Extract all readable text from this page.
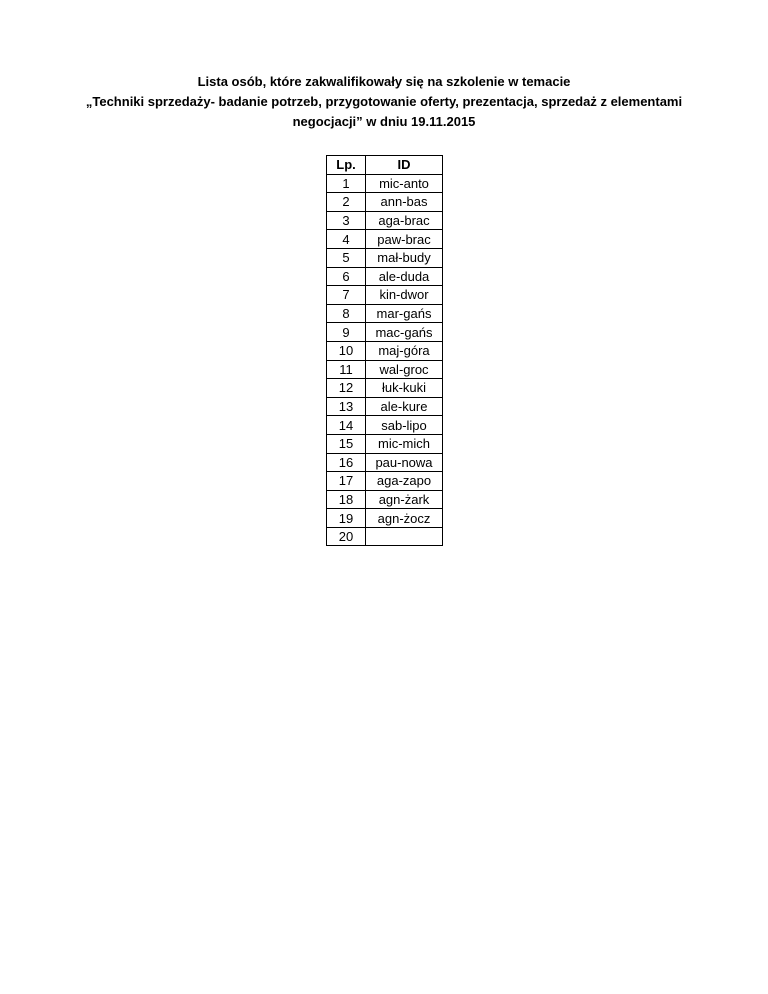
Lista osób, które zakwalifikowały się na szkolenie w temacie
„Techniki sprzedaży- badanie potrzeb, przygotowanie oferty, prezentacja, sprzedaż z elementami
negocjacji” w dniu 19.11.2015
Lp.	ID
1	mic-anto
2	ann-bas
3	aga-brac
4	paw-brac
5	mał-budy
6	ale-duda
7	kin-dwor
8	mar-gańs
9	mac-gańs
10	maj-góra
11	wal-groc
12	łuk-kuki
13	ale-kure
14	sab-lipo
15	mic-mich
16	pau-nowa
17	aga-zapo
18	agn-żark
19	agn-żocz
20	
